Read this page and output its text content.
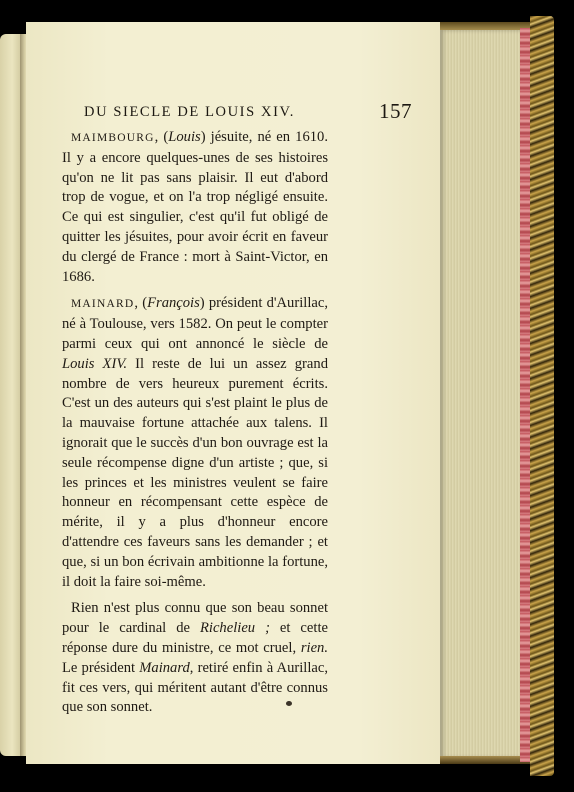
DU SIECLE DE LOUIS XIV.	157

MAIMBOURG, (Louis) jésuite, né en 1610. Il y a encore quelques-unes de ses histoires qu'on ne lit pas sans plaisir. Il eut d'abord trop de vogue, et on l'a trop négligé ensuite. Ce qui est singulier, c'est qu'il fut obligé de quitter les jésuites, pour avoir écrit en faveur du clergé de France : mort à Saint-Victor, en 1686.

MAINARD, (François) président d'Aurillac, né à Toulouse, vers 1582. On peut le compter parmi ceux qui ont annoncé le siècle de Louis XIV. Il reste de lui un assez grand nombre de vers heureux purement écrits. C'est un des auteurs qui s'est plaint le plus de la mauvaise fortune attachée aux talens. Il ignorait que le succès d'un bon ouvrage est la seule récompense digne d'un artiste ; que, si les princes et les ministres veulent se faire honneur en récompensant cette espèce de mérite, il y a plus d'honneur encore d'attendre ces faveurs sans les demander ; et que, si un bon écrivain ambitionne la fortune, il doit la faire soi-même.

Rien n'est plus connu que son beau sonnet pour le cardinal de Richelieu ; et cette réponse dure du ministre, ce mot cruel, rien. Le président Mainard, retiré enfin à Aurillac, fit ces vers, qui méritent autant d'être connus que son sonnet.
